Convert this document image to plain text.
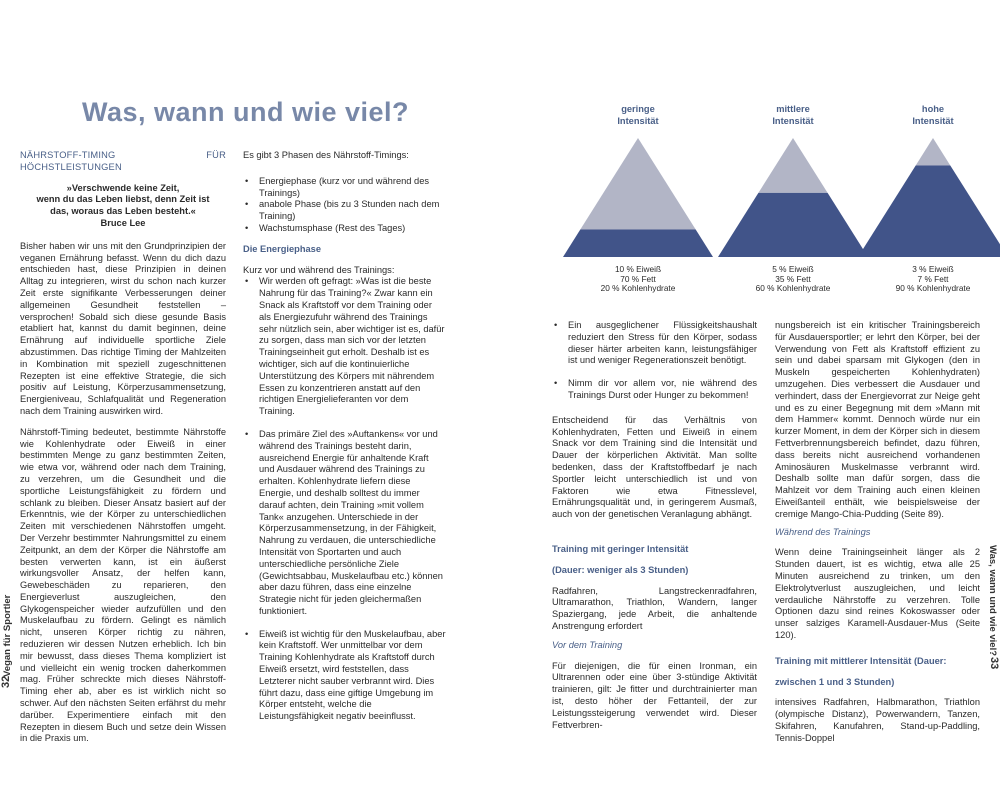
Was, wann und wie viel?

NÄHRSTOFF-TIMING FÜR HÖCHSTLEISTUNGEN

»Verschwende keine Zeit,
wenn du das Leben liebst, denn Zeit ist
das, woraus das Leben besteht.«
Bruce Lee

Bisher haben wir uns mit den Grundprinzipien der veganen Ernährung befasst. Wenn du dich dazu entschieden hast, diese Prinzipien in deinen Alltag zu integrieren, wirst du schon nach kurzer Zeit erste signifikante Verbesserungen deiner allgemeinen Gesundheit feststellen – versprochen! Sobald sich diese gesunde Basis etabliert hat, kannst du damit beginnen, deine Ernährung auf individuelle sportliche Ziele abzustimmen. Das richtige Timing der Mahlzeiten in Kombination mit speziell zugeschnittenen Rezepten ist eine effektive Strategie, die sich positiv auf Leistung, Körperzusammensetzung, Energieniveau, Schlafqualität und Regeneration nach dem Training auswirken wird.

Nährstoff-Timing bedeutet, bestimmte Nährstoffe wie Kohlenhydrate oder Eiweiß in einer bestimmten Menge zu ganz bestimmten Zeiten, wie etwa vor, während oder nach dem Training, zu verzehren, um die Gesundheit und die sportliche Leistungsfähigkeit zu fördern und schlank zu bleiben. Dieser Ansatz basiert auf der Erkenntnis, wie der Körper zu unterschiedlichen Zeiten mit verschiedenen Nährstoffen umgeht. Der Verzehr bestimmter Nahrungsmittel zu einem Zeitpunkt, an dem der Körper die Nährstoffe am besten verwerten kann, ist ein äußerst wirkungsvoller Ansatz, der helfen kann, Gewebeschäden zu reparieren, den Energieverlust auszugleichen, den Glykogenspeicher wieder aufzufüllen und den Muskelaufbau zu fördern. Gelingt es nämlich nicht, unseren Körper richtig zu nähren, reduzieren wir dessen Nutzen erheblich. Ich bin mir bewusst, dass dieses Thema kompliziert ist und vielleicht ein wenig trocken daherkommen mag. Früher schreckte mich dieses Nährstoff-Timing eher ab, aber es ist wirklich nicht so schwer. Auf den nächsten Seiten erfährst du mehr darüber. Experimentiere einfach mit den Rezepten in diesem Buch und setze dein Wissen in die Praxis um.

Es gibt 3 Phasen des Nährstoff-Timings:

• Energiephase (kurz vor und während des Trainings)
• anabole Phase (bis zu 3 Stunden nach dem Training)
• Wachstumsphase (Rest des Tages)

Die Energiephase

Kurz vor und während des Trainings:

• Wir werden oft gefragt: »Was ist die beste Nahrung für das Training?« Zwar kann ein Snack als Kraftstoff vor dem Training oder als Energiezufuhr während des Trainings sehr nützlich sein, aber wichtiger ist es, dafür zu sorgen, dass man sich vor der letzten Trainingseinheit gut erholt. Deshalb ist es wichtiger, sich auf die kontinuierliche Unterstützung des Körpers mit nährendem Essen zu konzentrieren anstatt auf den richtigen Energielieferanten vor dem Training.
• Das primäre Ziel des »Auftankens« vor und während des Trainings besteht darin, ausreichend Energie für anhaltende Kraft und Ausdauer während des Trainings zu erhalten. Kohlenhydrate liefern diese Energie, und deshalb solltest du immer darauf achten, dein Training »mit vollem Tank« anzugehen. Unterschiede in der Körperzusammensetzung, in der Fähigkeit, Nahrung zu verdauen, die unterschiedliche Intensität von Sportarten und auch unterschiedliche persönliche Ziele (Gewichtsabbau, Muskelaufbau etc.) können aber dazu führen, dass eine einzelne Strategie nicht für jeden gleichermaßen funktioniert.
• Eiweiß ist wichtig für den Muskelaufbau, aber kein Kraftstoff. Wer unmittelbar vor dem Training Kohlenhydrate als Kraftstoff durch Eiweiß ersetzt, wird feststellen, dass Letzterer nicht sauber verbrannt wird. Dies führt dazu, dass eine giftige Umgebung im Körper entsteht, welche die Leistungsfähigkeit negativ beeinflusst.
Vegan für Sportler
32
Was, wann und wie viel?
33
geringe
Intensität
mittlere
Intensität
hohe
Intensität
10 % Eiweiß
70 % Fett
20 % Kohlenhydrate
5 % Eiweiß
35 % Fett
60 % Kohlenhydrate
3 % Eiweiß
7 % Fett
90 % Kohlenhydrate
• Ein ausgeglichener Flüssigkeitshaushalt reduziert den Stress für den Körper, sodass dieser härter arbeiten kann, leistungsfähiger ist und weniger Regenerationszeit benötigt.
• Nimm dir vor allem vor, nie während des Trainings Durst oder Hunger zu bekommen!

Entscheidend für das Verhältnis von Kohlenhydraten, Fetten und Eiweiß in einem Snack vor dem Training sind die Intensität und Dauer der körperlichen Aktivität. Man sollte bedenken, dass der Kraftstoffbedarf je nach Sportler leicht unterschiedlich ist und von Faktoren wie etwa Fitnesslevel, Ernährungsqualität und, in geringerem Ausmaß, auch von der genetischen Veranlagung abhängt.

Training mit geringer Intensität

(Dauer: weniger als 3 Stunden)

Radfahren, Langstreckenradfahren, Ultramarathon, Triathlon, Wandern, langer Spaziergang, jede Arbeit, die anhaltende Anstrengung erfordert

Vor dem Training

Für diejenigen, die für einen Ironman, ein Ultrarennen oder eine über 3-stündige Aktivität trainieren, gilt: Je fitter und durchtrainierter man ist, desto höher der Fettanteil, der zur Leistungssteigerung verwendet wird. Dieser Fettverbren-

nungsbereich ist ein kritischer Trainingsbereich für Ausdauersportler; er lehrt den Körper, bei der Verwendung von Fett als Kraftstoff effizient zu sein und dabei sparsam mit Glykogen (den in Muskeln gespeicherten Kohlenhydraten) umzugehen. Dies verbessert die Ausdauer und verhindert, dass der Energievorrat zur Neige geht und es zu einer Begegnung mit dem »Mann mit dem Hammer« kommt. Dennoch würde nur ein kurzer Moment, in dem der Körper sich in diesem Fettverbrennungsbereich befindet, dazu führen, dass bereits nicht ausreichend vorhandenen Aminosäuren Muskelmasse verbrannt wird. Deshalb sollte man dafür sorgen, dass die Mahlzeit vor dem Training auch einen kleinen Eiweißanteil enthält, wie beispielsweise der cremige Mango-Chia-Pudding (Seite 89).

Während des Trainings

Wenn deine Trainingseinheit länger als 2 Stunden dauert, ist es wichtig, etwa alle 25 Minuten ausreichend zu trinken, um den Elektrolytverlust auszugleichen, und leicht verdauliche Nährstoffe zu verzehren. Tolle Optionen dazu sind reines Kokoswasser oder unser salziges Karamell-Ausdauer-Mus (Seite 120).

Training mit mittlerer Intensität (Dauer:

zwischen 1 und 3 Stunden)

intensives Radfahren, Halbmarathon, Triathlon (olympische Distanz), Powerwandern, Tanzen, Skifahren, Kanufahren, Stand-up-Paddling, Tennis-Doppel
